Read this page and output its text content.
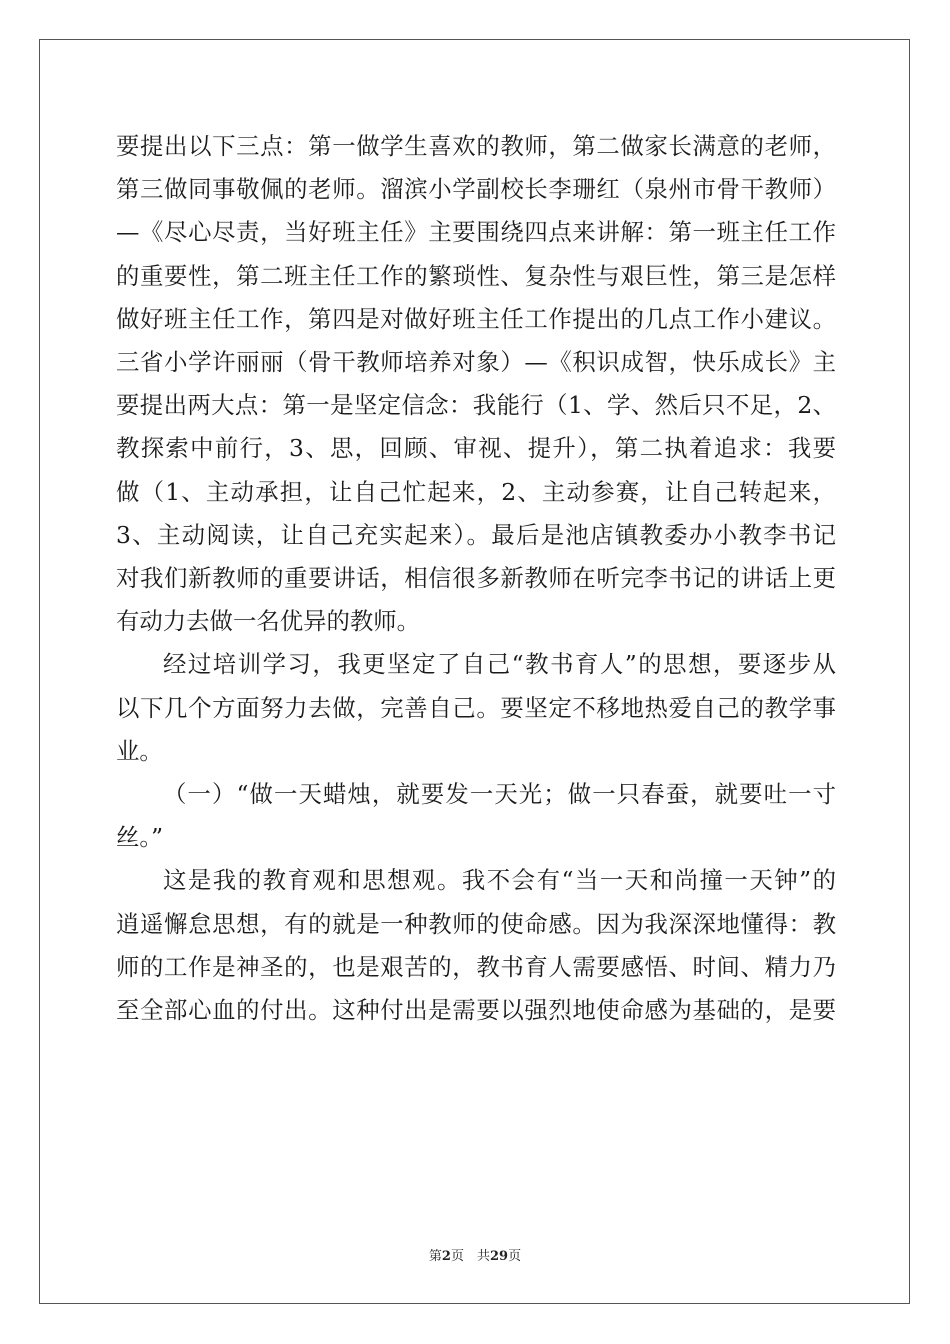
要提出以下三点：第一做学生喜欢的教师，第二做家长满意的老师，
第三做同事敬佩的老师。溜滨小学副校长李珊红（泉州市骨干教师）
—《尽心尽责，当好班主任》主要围绕四点来讲解：第一班主任工作
的重要性，第二班主任工作的繁琐性、复杂性与艰巨性，第三是怎样
做好班主任工作，第四是对做好班主任工作提出的几点工作小建议。
三省小学许丽丽（骨干教师培养对象）—《积识成智，快乐成长》主
要提出两大点：第一是坚定信念：我能行（1、学、然后只不足，2、
教探索中前行，3、思，回顾、审视、提升），第二执着追求：我要
做（1、主动承担，让自己忙起来，2、主动参赛，让自己转起来，
3、主动阅读，让自己充实起来）。最后是池店镇教委办小教李书记
对我们新教师的重要讲话，相信很多新教师在听完李书记的讲话上更
有动力去做一名优异的教师。
经过培训学习，我更坚定了自己“教书育人”的思想，要逐步从
以下几个方面努力去做，完善自己。要坚定不移地热爱自己的教学事
业。
（一）“做一天蜡烛，就要发一天光；做一只春蚕，就要吐一寸
丝。”
这是我的教育观和思想观。我不会有“当一天和尚撞一天钟”的
逍遥懈怠思想，有的就是一种教师的使命感。因为我深深地懂得：教
师的工作是神圣的，也是艰苦的，教书育人需要感悟、时间、精力乃
至全部心血的付出。这种付出是需要以强烈地使命感为基础的，是要
第2页　共29页
